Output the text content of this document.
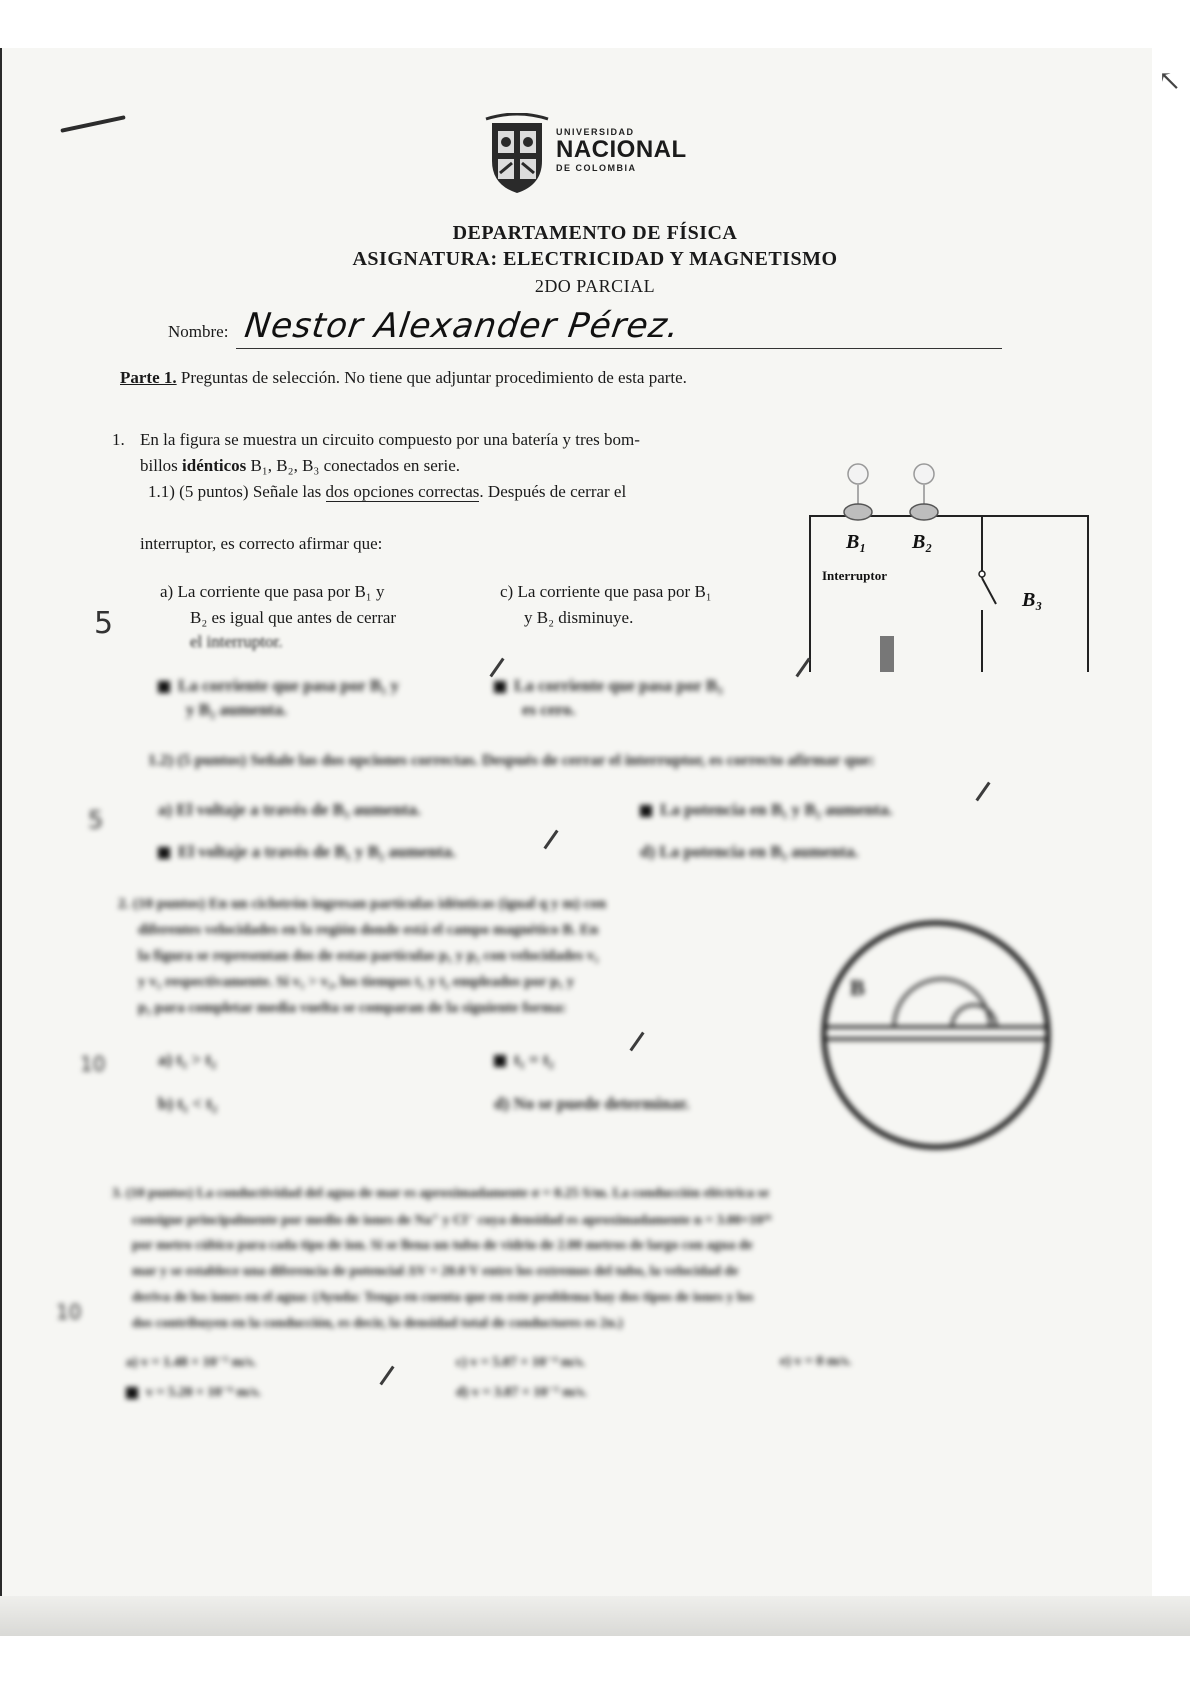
↖
UNIVERSIDAD
NACIONAL
DE COLOMBIA
DEPARTAMENTO DE FÍSICA
ASIGNATURA: ELECTRICIDAD Y MAGNETISMO
2DO PARCIAL
Nombre: Nestor Alexander Pérez.
Parte 1. Preguntas de selección. No tiene que adjuntar procedimiento de esta parte.
1. En la figura se muestra un circuito compuesto por una batería y tres bom-
billos idénticos B₁, B₂, B₃ conectados en serie.
1.1) (5 puntos) Señale las dos opciones correctas. Después de cerrar el
interruptor, es correcto afirmar que:
a) La corriente que pasa por B₁ y
B₂ es igual que antes de cerrar
el interruptor.
c) La corriente que pasa por B₁
y B₂ disminuye.
5
B₁ B₂
Interruptor
B₃
La corriente que pasa por B₁ y
y B₂ aumenta.
La corriente que pasa por B₃
es cero.
1.2) (5 puntos) Señale las dos opciones correctas. Después de cerrar el interruptor, es correcto afirmar que:
a) El voltaje a través de B₃ aumenta.
El voltaje a través de B₁ y B₂ aumenta.
La potencia en B₁ y B₂ aumenta.
d) La potencia en B₃ aumenta.
5
2. (10 puntos) En un ciclotrón ingresan partículas idénticas (igual q y m) con
diferentes velocidades en la región donde está el campo magnético B. En
la figura se representan dos de estas partículas p₁ y p₂ con velocidades v₁
y v₂ respectivamente. Si v₁ > v₂, los tiempos t₁ y t₂ empleados por p₁ y
p₂ para completar media vuelta se comparan de la siguiente forma:
a) t₁ > t₂
b) t₁ < t₂
t₁ = t₂
d) No se puede determinar.
10
3. (10 puntos) La conductividad del agua de mar es aproximadamente σ = 0.25 S/m. La conducción eléctrica se
consigue principalmente por medio de iones de Na⁺ y Cl⁻ cuya densidad es aproximadamente n = 3.00×10²⁶
por metro cúbico para cada tipo de ion. Si se llena un tubo de vidrio de 2.00 metros de largo con agua de
mar y se establece una diferencia de potencial ΔV = 20.0 V entre los extremos del tubo, la velocidad de
deriva de los iones en el agua: (Ayuda: Tenga en cuenta que en este problema hay dos tipos de iones y los
dos contribuyen en la conducción, es decir, la densidad total de conductores es 2n.)
a) v = 1.48 × 10⁻⁵ m/s.
v = 5.20 × 10⁻⁶ m/s.
c) v = 5.07 × 10⁻⁴ m/s.
d) v = 3.87 × 10⁻⁵ m/s.
e) v = 0 m/s.
10
B
